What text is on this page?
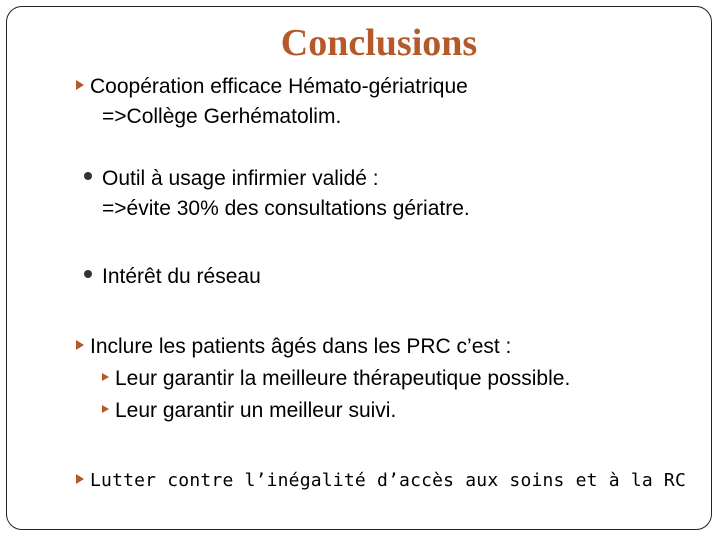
Conclusions
Coopération efficace Hémato-gériatrique
=>Collège Gerhématolim.
Outil à usage infirmier validé :
=>évite 30% des consultations gériatre.
Intérêt du réseau
Inclure les patients âgés dans les PRC c’est :
Leur garantir la meilleure thérapeutique possible.
Leur garantir un meilleur suivi.
Lutter contre l’inégalité d’accès aux soins et à la RC
